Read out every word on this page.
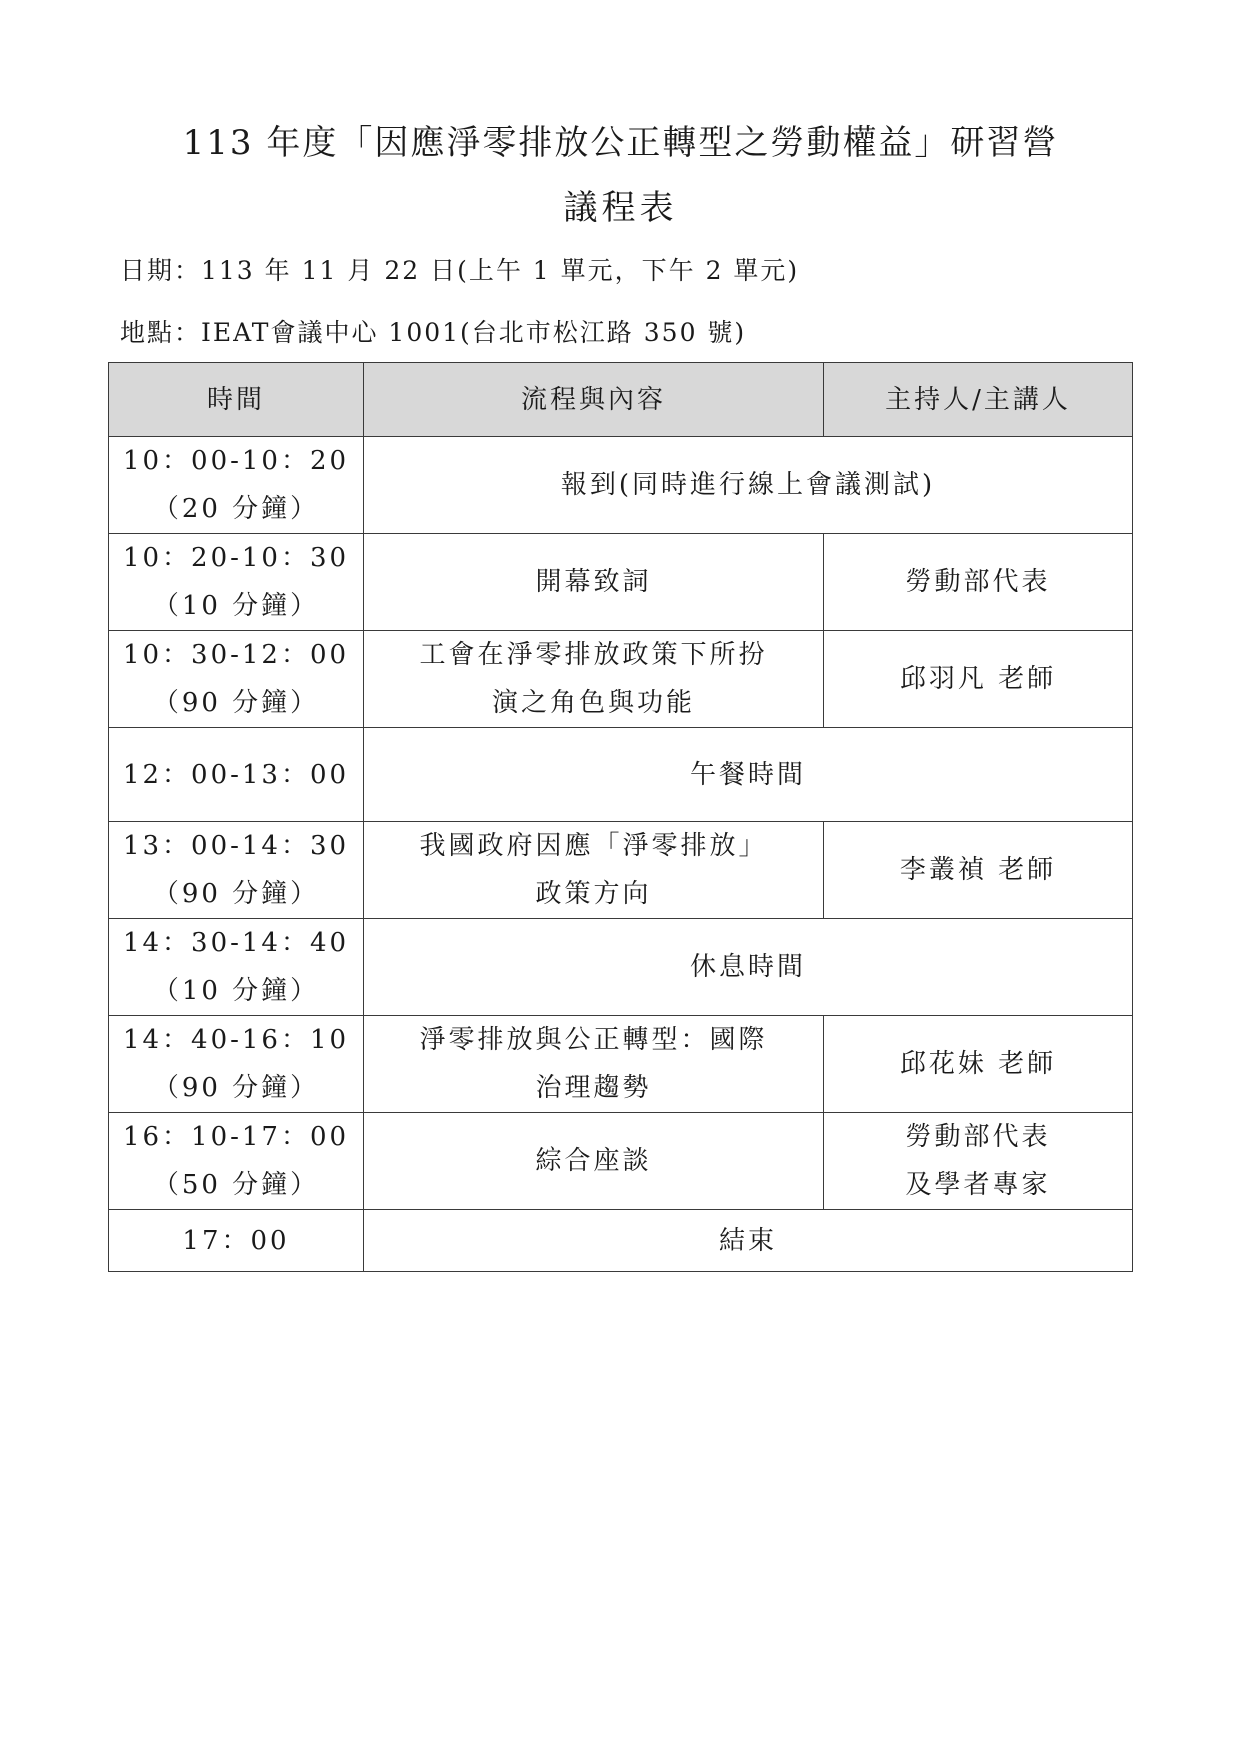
113 年度「因應淨零排放公正轉型之勞動權益」研習營
議程表
日期：113 年 11 月 22 日(上午 1 單元，下午 2 單元)
地點：IEAT會議中心 1001(台北市松江路 350 號)
時間	流程與內容	主持人/主講人

10：00-10：20
（20 分鐘）	報到(同時進行線上會議測試)	

10：20-10：30
（10 分鐘）	開幕致詞	勞動部代表

10：30-12：00
（90 分鐘）	工會在淨零排放政策下所扮
演之角色與功能	邱羽凡 老師

12：00-13：00	午餐時間	

13：00-14：30
（90 分鐘）	我國政府因應「淨零排放」
政策方向	李叢禎 老師

14：30-14：40
（10 分鐘）	休息時間	

14：40-16：10
（90 分鐘）	淨零排放與公正轉型：國際
治理趨勢	邱花妹 老師

16：10-17：00
（50 分鐘）	綜合座談	勞動部代表
及學者專家

17：00	結束	
